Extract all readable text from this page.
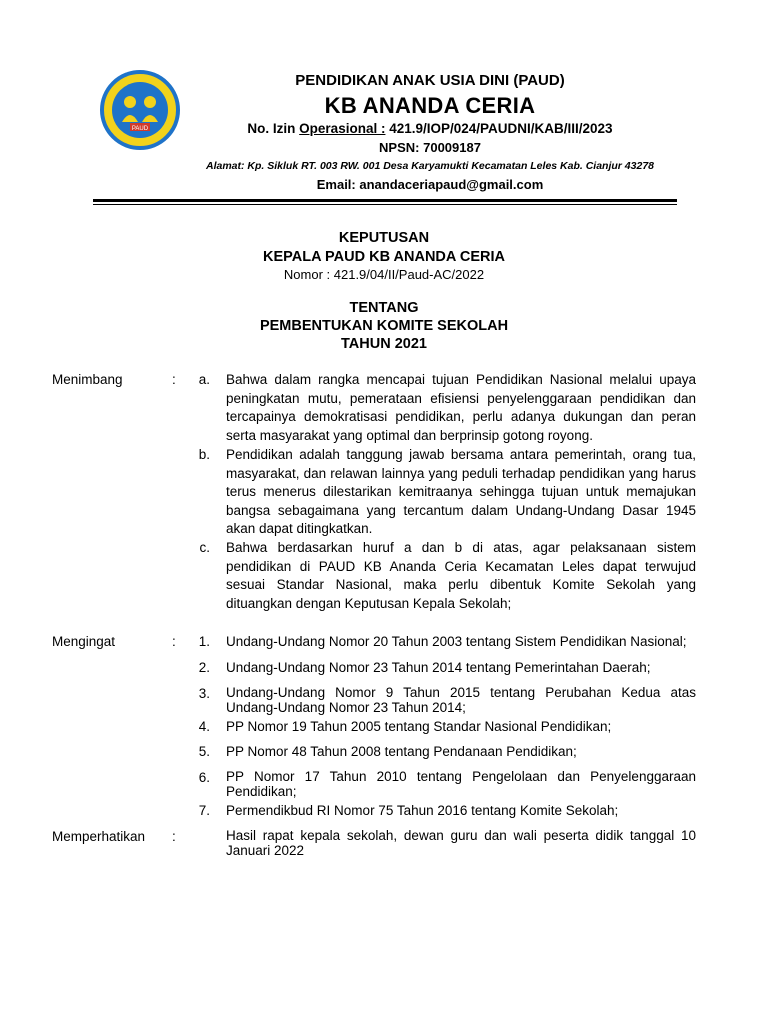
PAUD
PENDIDIKAN ANAK USIA DINI (PAUD)
KB ANANDA CERIA
No. Izin Operasional : 421.9/IOP/024/PAUDNI/KAB/III/2023
NPSN: 70009187
Alamat: Kp. Sikluk RT. 003 RW. 001 Desa Karyamukti Kecamatan Leles Kab. Cianjur 43278
Email: anandaceriapaud@gmail.com
KEPUTUSAN
KEPALA PAUD KB ANANDA CERIA
Nomor : 421.9/04/II/Paud-AC/2022
TENTANG
PEMBENTUKAN KOMITE SEKOLAH
TAHUN 2021
Menimbang	:	a. Bahwa dalam rangka mencapai tujuan Pendidikan Nasional melalui upaya peningkatan mutu, pemerataan efisiensi penyelenggaraan pendidikan dan tercapainya demokratisasi pendidikan, perlu adanya dukungan dan peran serta masyarakat yang optimal dan berprinsip gotong royong.
b. Pendidikan adalah tanggung jawab bersama antara pemerintah, orang tua, masyarakat, dan relawan lainnya yang peduli terhadap pendidikan yang harus terus menerus dilestarikan kemitraanya sehingga tujuan untuk memajukan bangsa sebagaimana yang tercantum dalam Undang-Undang Dasar 1945 akan dapat ditingkatkan.
c. Bahwa berdasarkan huruf a dan b di atas, agar pelaksanaan sistem pendidikan di PAUD KB Ananda Ceria Kecamatan Leles dapat terwujud sesuai Standar Nasional, maka perlu dibentuk Komite Sekolah yang dituangkan dengan Keputusan Kepala Sekolah;
Mengingat	:	1. Undang-Undang Nomor 20 Tahun 2003 tentang Sistem Pendidikan Nasional;
2. Undang-Undang Nomor 23 Tahun 2014 tentang Pemerintahan Daerah;
3. Undang-Undang Nomor 9 Tahun 2015 tentang Perubahan Kedua atas Undang-Undang Nomor 23 Tahun 2014;
4. PP Nomor 19 Tahun 2005 tentang Standar Nasional Pendidikan;
5. PP Nomor 48 Tahun 2008 tentang Pendanaan Pendidikan;
6. PP Nomor 17 Tahun 2010 tentang Pengelolaan dan Penyelenggaraan Pendidikan;
7. Permendikbud RI Nomor 75 Tahun 2016 tentang Komite Sekolah;
Memperhatikan :	Hasil rapat kepala sekolah, dewan guru dan wali peserta didik tanggal 10 Januari 2022
